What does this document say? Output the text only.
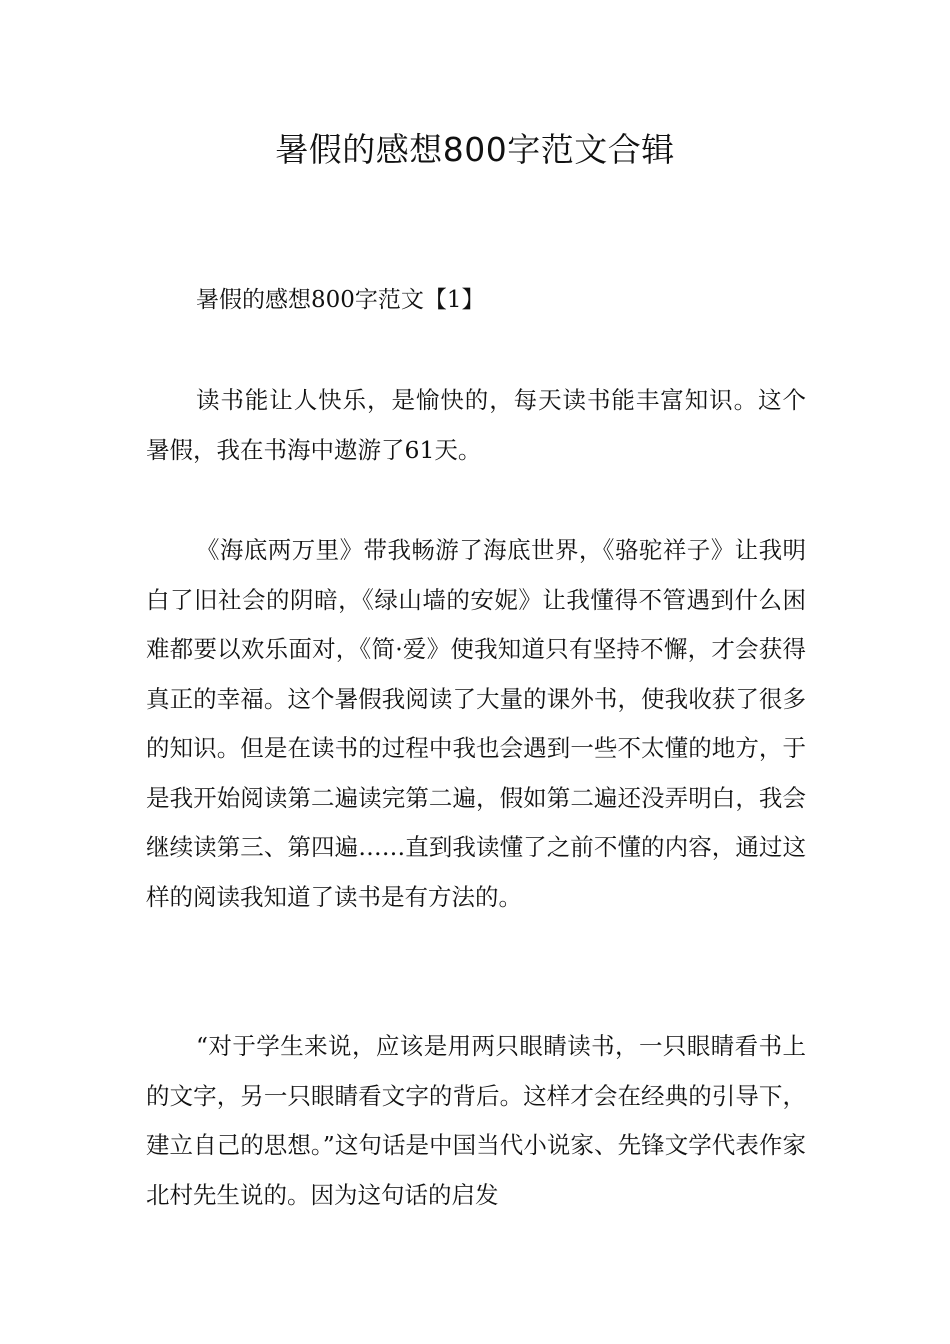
暑假的感想800字范文合辑
暑假的感想800字范文【1】

读书能让人快乐，是愉快的，每天读书能丰富知识。这个暑假，我在书海中遨游了61天。

《海底两万里》带我畅游了海底世界，《骆驼祥子》让我明白了旧社会的阴暗，《绿山墙的安妮》让我懂得不管遇到什么困难都要以欢乐面对，《简·爱》使我知道只有坚持不懈，才会获得真正的幸福。这个暑假我阅读了大量的课外书，使我收获了很多的知识。但是在读书的过程中我也会遇到一些不太懂的地方，于是我开始阅读第二遍读完第二遍，假如第二遍还没弄明白，我会继续读第三、第四遍……直到我读懂了之前不懂的内容，通过这样的阅读我知道了读书是有方法的。

“对于学生来说，应该是用两只眼睛读书，一只眼睛看书上的文字，另一只眼睛看文字的背后。这样才会在经典的引导下，建立自己的思想。”这句话是中国当代小说家、先锋文学代表作家北村先生说的。因为这句话的启发
